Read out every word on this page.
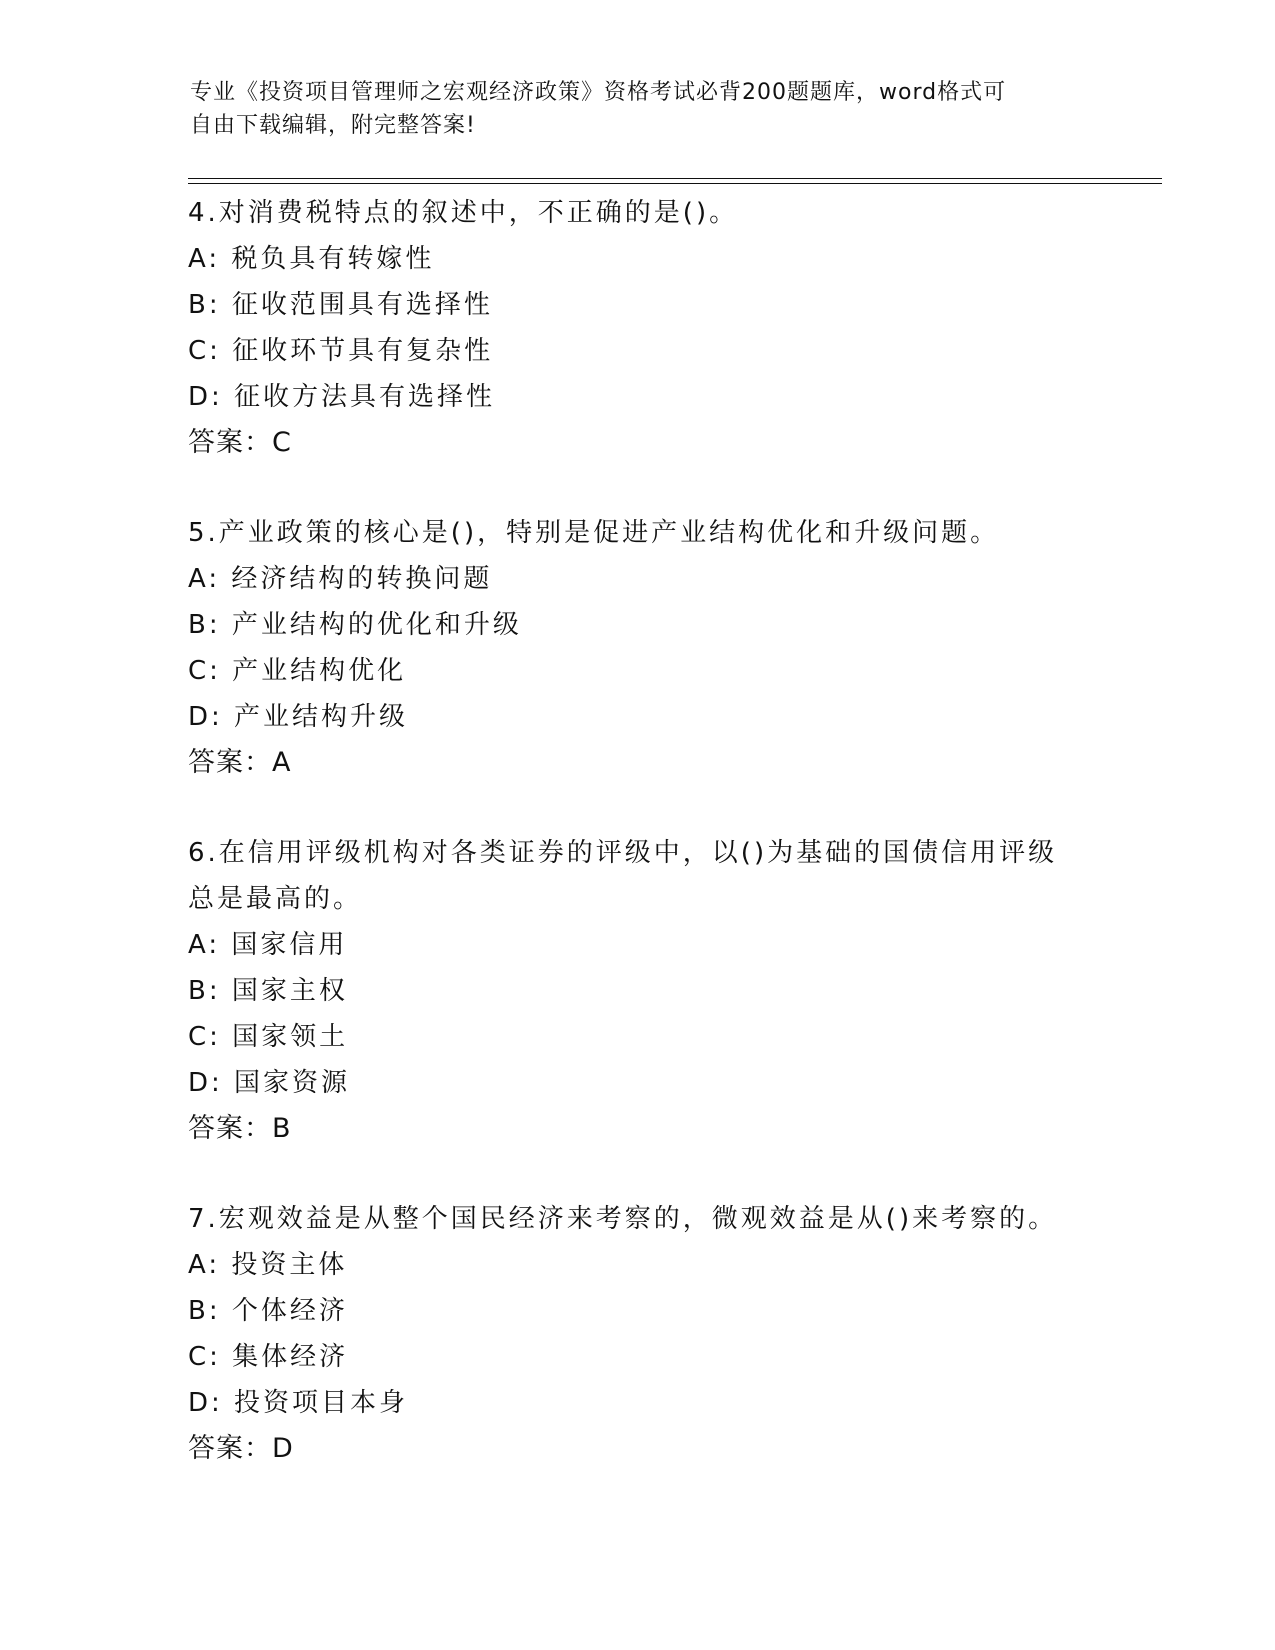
专业《投资项目管理师之宏观经济政策》资格考试必背200题题库，word格式可
自由下载编辑，附完整答案!
4.对消费税特点的叙述中，不正确的是()。
A: 税负具有转嫁性
B: 征收范围具有选择性
C: 征收环节具有复杂性
D: 征收方法具有选择性
答案：C
5.产业政策的核心是()，特别是促进产业结构优化和升级问题。
A: 经济结构的转换问题
B: 产业结构的优化和升级
C: 产业结构优化
D: 产业结构升级
答案：A
6.在信用评级机构对各类证券的评级中，以()为基础的国债信用评级
总是最高的。
A: 国家信用
B: 国家主权
C: 国家领土
D: 国家资源
答案：B
7.宏观效益是从整个国民经济来考察的，微观效益是从()来考察的。
A: 投资主体
B: 个体经济
C: 集体经济
D: 投资项目本身
答案：D
